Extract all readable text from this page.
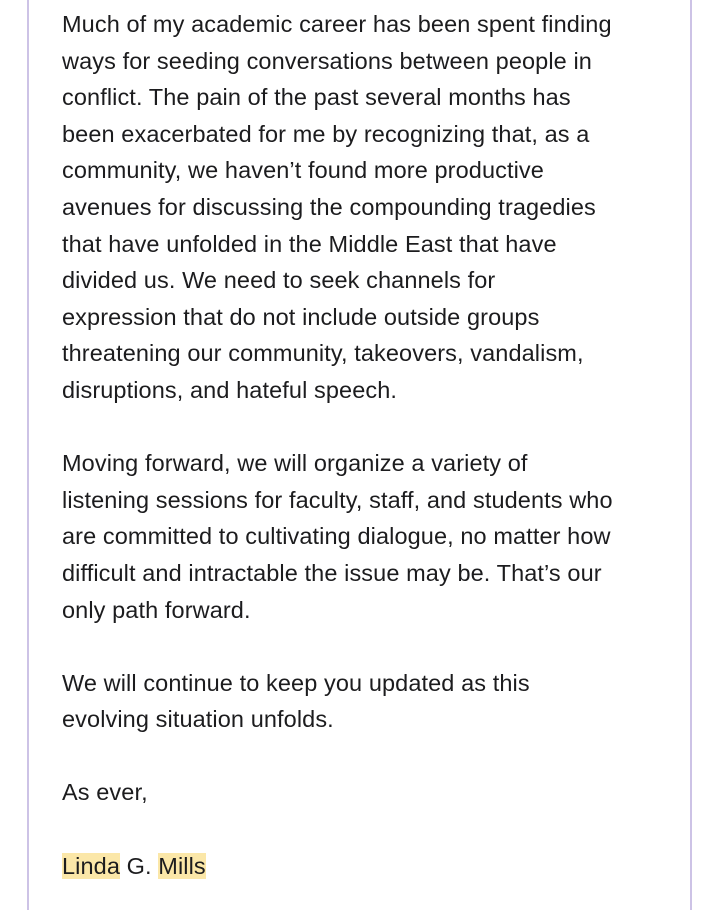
Much of my academic career has been spent finding
ways for seeding conversations between people in
conflict. The pain of the past several months has
been exacerbated for me by recognizing that, as a
community, we haven’t found more productive
avenues for discussing the compounding tragedies
that have unfolded in the Middle East that have
divided us. We need to seek channels for
expression that do not include outside groups
threatening our community, takeovers, vandalism,
disruptions, and hateful speech.
Moving forward, we will organize a variety of
listening sessions for faculty, staff, and students who
are committed to cultivating dialogue, no matter how
difficult and intractable the issue may be. That’s our
only path forward.
We will continue to keep you updated as this
evolving situation unfolds.
As ever,
Linda G. Mills
